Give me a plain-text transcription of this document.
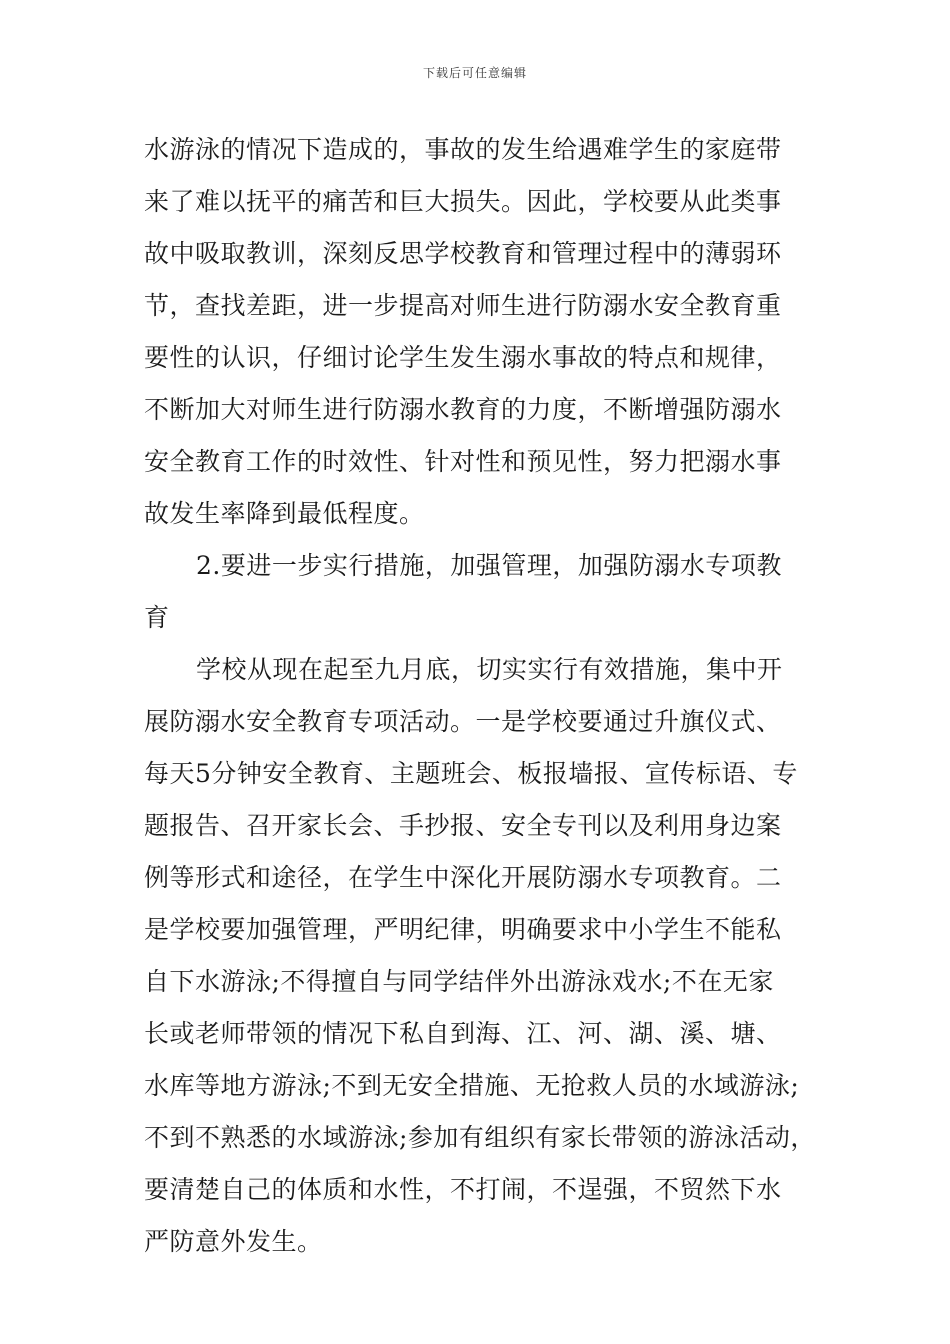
下载后可任意编辑
水游泳的情况下造成的，事故的发生给遇难学生的家庭带
来了难以抚平的痛苦和巨大损失。因此，学校要从此类事
故中吸取教训，深刻反思学校教育和管理过程中的薄弱环
节，查找差距，进一步提高对师生进行防溺水安全教育重
要性的认识，仔细讨论学生发生溺水事故的特点和规律，
不断加大对师生进行防溺水教育的力度，不断增强防溺水
安全教育工作的时效性、针对性和预见性，努力把溺水事
故发生率降到最低程度。
2.要进一步实行措施，加强管理，加强防溺水专项教
育
学校从现在起至九月底，切实实行有效措施，集中开
展防溺水安全教育专项活动。一是学校要通过升旗仪式、
每天5分钟安全教育、主题班会、板报墙报、宣传标语、专
题报告、召开家长会、手抄报、安全专刊以及利用身边案
例等形式和途径，在学生中深化开展防溺水专项教育。二
是学校要加强管理，严明纪律，明确要求中小学生不能私
自下水游泳;不得擅自与同学结伴外出游泳戏水;不在无家
长或老师带领的情况下私自到海、江、河、湖、溪、塘、
水库等地方游泳;不到无安全措施、无抢救人员的水域游泳;
不到不熟悉的水域游泳;参加有组织有家长带领的游泳活动，
要清楚自己的体质和水性，不打闹，不逞强，不贸然下水
严防意外发生。
